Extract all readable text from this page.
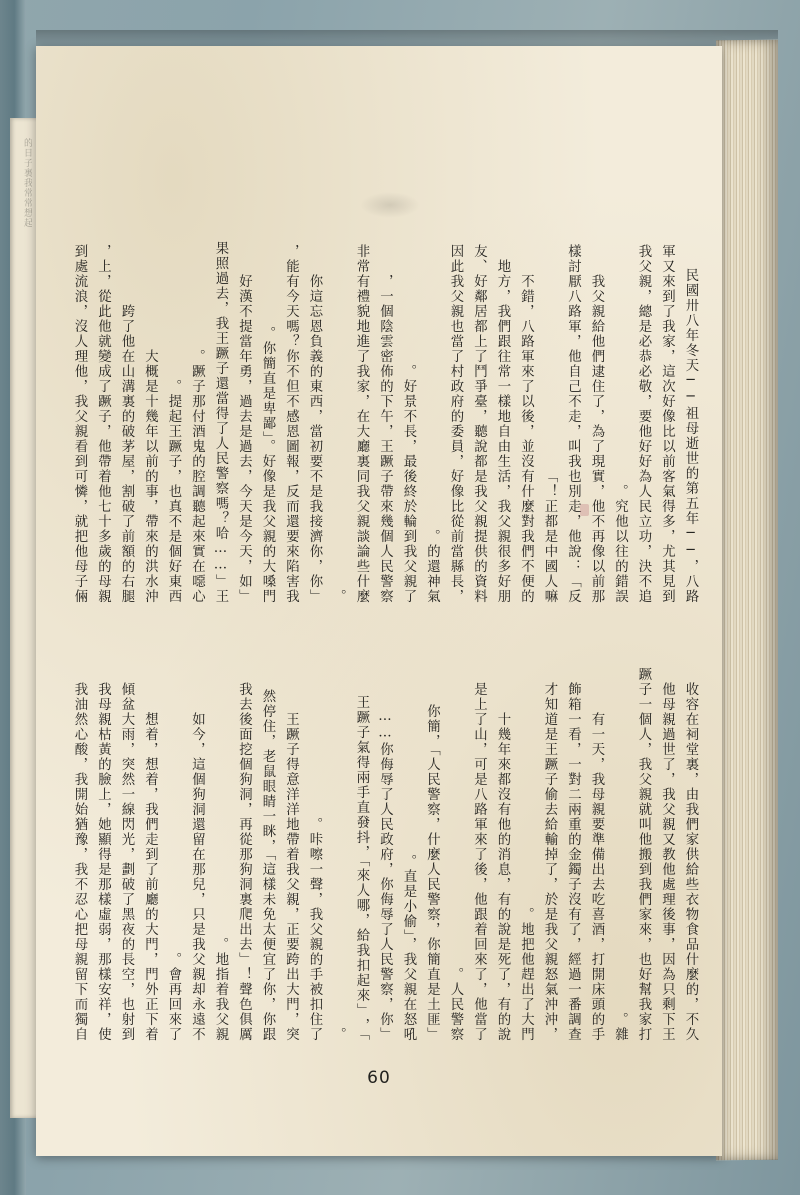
的日子裏我常常想起
民國卅八年冬天──祖母逝世的第五年──，八路
軍又來到了我家，這次好像比以前客氣得多，尤其見到
我父親，總是必恭必敬，要他好好為人民立功，決不追
究他以往的錯誤。
我父親給他們逮住了，為了現實，他不再像以前那
樣討厭八路軍，他自己不走，叫我也別走，他說：「反
正都是中國人嘛！」
不錯，八路軍來了以後，並沒有什麼對我們不便的
地方，我們跟往常一樣地自由生活，我父親很多好朋
友、好鄰居都上了鬥爭臺，聽說都是我父親提供的資料
，因此我父親也當了村政府的委員，好像比從前當縣長
的還神氣。
好景不長，最後終於輪到我父親了。
一個陰雲密佈的下午，王蹶子帶來幾個人民警察，
非常有禮貌地進了我家，在大廳裏同我父親談論些什麼
。
「你這忘恩負義的東西，當初要不是我接濟你，你
能有今天嗎？你不但不感恩圖報，反而還要來陷害我，
你簡直是卑鄙」。好像是我父親的大嗓門。
「好漢不提當年勇，過去是過去，今天是今天，如
果照過去，我王蹶子還當得了人民警察嗎？哈……」王
蹶子那付酒鬼的腔調聽起來實在噁心。
提起王蹶子，也真不是個好東西。
大概是十幾年以前的事，帶來的洪水沖
跨了他在山溝裏的破茅屋，割破了前額的右腿
上，從此他就變成了蹶子，他帶着他七十多歲的母親，
到處流浪，沒人理他，我父親看到可憐，就把他母子倆
收容在祠堂裏，由我們家供給些衣物食品什麼的，不久
他母親過世了，我父親又教他處理後事，因為只剩下王
蹶子一個人，我父親就叫他搬到我們家來，也好幫我家打
雜。
有一天，我母親要準備出去吃喜酒，打開床頭的手
飾箱一看，一對二兩重的金鐲子沒有了，經過一番調查
，才知道是王蹶子偷去給輸掉了，於是我父親怒氣沖沖
地把他趕出了大門。
十幾年來都沒有他的消息，有的說是死了，有的說
是上了山，可是八路軍來了後，他跟着回來了，他當了
人民警察。
「人民警察，什麼人民警察，你簡直是土匪」，你簡
直是小偷」，我父親在怒吼。
「你侮辱了人民政府，你侮辱了人民警察，你……
」，王蹶子氣得兩手直發抖，「來人哪，給我扣起來」
。
咔嚓一聲，我父親的手被扣住了。
王蹶子得意洋洋地帶着我父親，正要跨出大門，突
然停住，老鼠眼睛一眯，「這樣未免太便宜了你，你跟
我去後面挖個狗洞，再從那狗洞裏爬出去」！聲色俱厲
地指着我父親。
如今，這個狗洞還留在那兒，只是我父親却永遠不
會再回來了。
想着，想着，我們走到了前廳的大門，門外正下着
傾盆大雨，突然一線閃光，劃破了黑夜的長空，也射到
我母親枯黃的臉上，她顯得是那樣虛弱，那樣安祥，使
我油然心酸，我開始猶豫，我不忍心把母親留下而獨自
60
